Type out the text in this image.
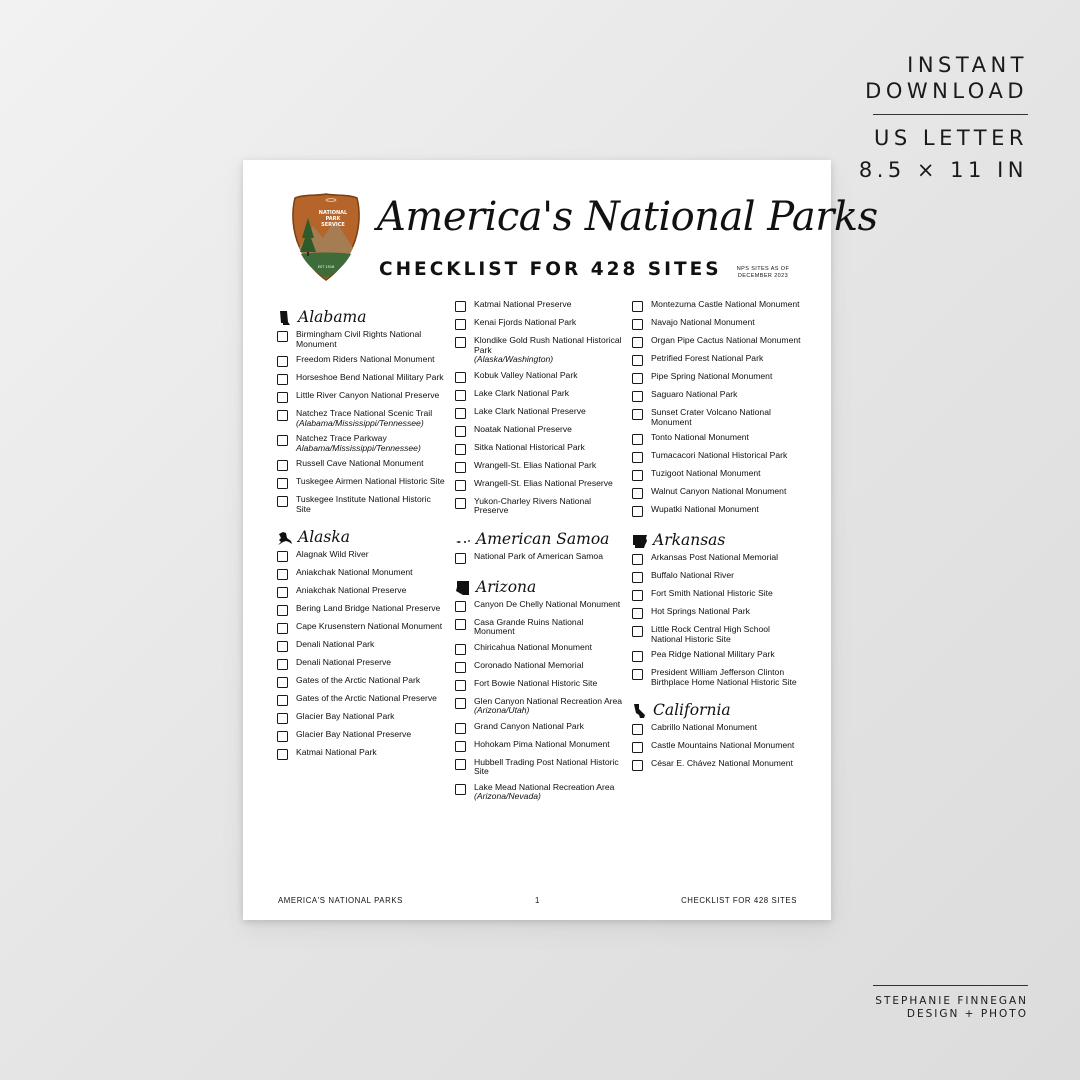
INSTANT
DOWNLOAD
US LETTER
8.5 × 11 IN
STEPHANIE FINNEGAN
DESIGN + PHOTO
NATIONAL
PARK
SERVICE
EST 1916
America's National Parks
CHECKLIST FOR 428 SITES	NPS SITES AS OF
DECEMBER 2023
Alabama
Birmingham Civil Rights National Monument
Freedom Riders National Monument
Horseshoe Bend National Military Park
Little River Canyon National Preserve
Natchez Trace National Scenic Trail
(Alabama/Mississippi/Tennessee)
Natchez Trace Parkway
Alabama/Mississippi/Tennessee)
Russell Cave National Monument
Tuskegee Airmen National Historic Site
Tuskegee Institute National Historic Site
Alaska
Alagnak Wild River
Aniakchak National Monument
Aniakchak National Preserve
Bering Land Bridge National Preserve
Cape Krusenstern National Monument
Denali National Park
Denali National Preserve
Gates of the Arctic National Park
Gates of the Arctic National Preserve
Glacier Bay National Park
Glacier Bay National Preserve
Katmai National Park
Katmai National Preserve
Kenai Fjords National Park
Klondike Gold Rush National Historical Park
(Alaska/Washington)
Kobuk Valley National Park
Lake Clark National Park
Lake Clark National Preserve
Noatak National Preserve
Sitka National Historical Park
Wrangell-St. Elias National Park
Wrangell-St. Elias National Preserve
Yukon-Charley Rivers National Preserve
American Samoa
National Park of American Samoa
Arizona
Canyon De Chelly National Monument
Casa Grande Ruins National Monument
Chiricahua National Monument
Coronado National Memorial
Fort Bowie National Historic Site
Glen Canyon National Recreation Area (Arizona/Utah)
Grand Canyon National Park
Hohokam Pima National Monument
Hubbell Trading Post National Historic Site
Lake Mead National Recreation Area (Arizona/Nevada)
Montezuma Castle National Monument
Navajo National Monument
Organ Pipe Cactus National Monument
Petrified Forest National Park
Pipe Spring National Monument
Saguaro National Park
Sunset Crater Volcano National Monument
Tonto National Monument
Tumacacori National Historical Park
Tuzigoot National Monument
Walnut Canyon National Monument
Wupatki National Monument
Arkansas
Arkansas Post National Memorial
Buffalo National River
Fort Smith National Historic Site
Hot Springs National Park
Little Rock Central High School National Historic Site
Pea Ridge National Military Park
President William Jefferson Clinton Birthplace Home National Historic Site
California
Cabrillo National Monument
Castle Mountains National Monument
César E. Chávez National Monument
AMERICA'S NATIONAL PARKS	1	CHECKLIST FOR 428 SITES
